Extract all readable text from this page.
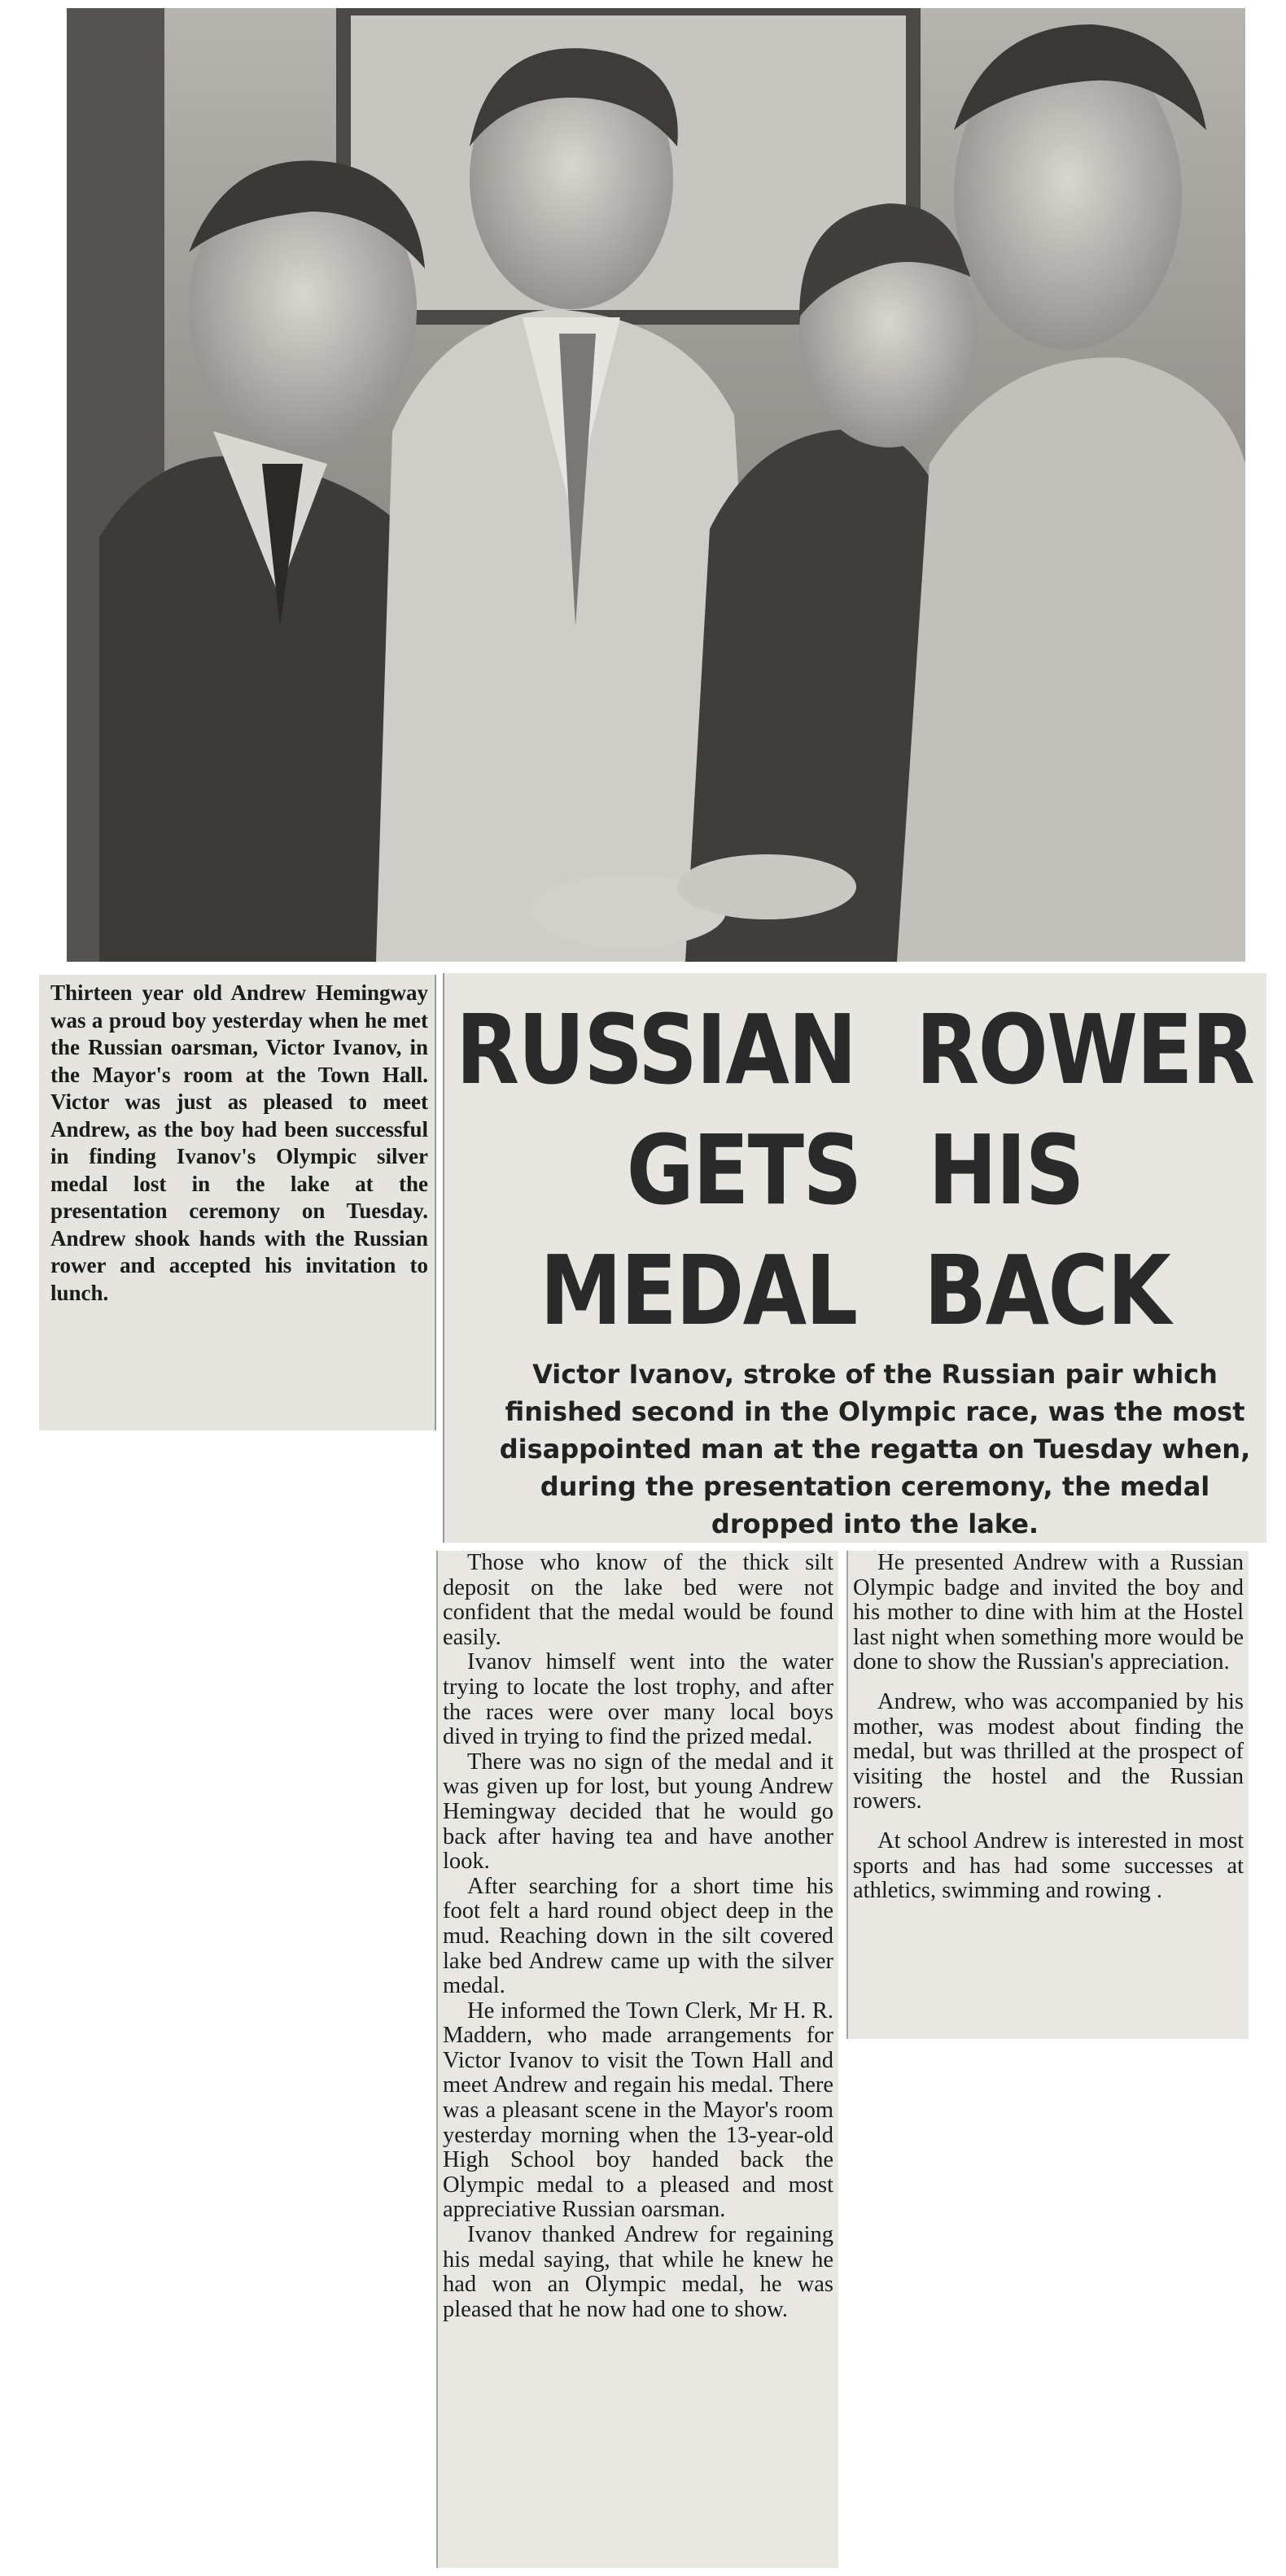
Thirteen year old Andrew Hemingway was a proud boy yesterday when he met the Russian oarsman, Victor Ivanov, in the Mayor's room at the Town Hall. Victor was just as pleased to meet Andrew, as the boy had been successful in finding Ivanov's Olympic silver medal lost in the lake at the presentation ceremony on Tuesday. Andrew shook hands with the Russian rower and accepted his invitation to lunch.
RUSSIAN ROWER
GETS HIS
MEDAL BACK
Victor Ivanov, stroke of the Russian pair which finished second in the Olympic race, was the most disappointed man at the regatta on Tuesday when, during the presentation ceremony, the medal dropped into the lake.

Those who know of the thick silt deposit on the lake bed were not confident that the medal would be found easily.

Ivanov himself went into the water trying to locate the lost trophy, and after the races were over many local boys dived in trying to find the prized medal.

There was no sign of the medal and it was given up for lost, but young Andrew Hemingway decided that he would go back after having tea and have another look.

After searching for a short time his foot felt a hard round object deep in the mud. Reaching down in the silt covered lake bed Andrew came up with the silver medal.

He informed the Town Clerk, Mr H. R. Maddern, who made arrangements for Victor Ivanov to visit the Town Hall and meet Andrew and regain his medal. There was a pleasant scene in the Mayor's room yesterday morning when the 13-year-old High School boy handed back the Olympic medal to a pleased and most appreciative Russian oarsman.

Ivanov thanked Andrew for regaining his medal saying, that while he knew he had won an Olympic medal, he was pleased that he now had one to show.

He presented Andrew with a Russian Olympic badge and invited the boy and his mother to dine with him at the Hostel last night when something more would be done to show the Russian's appreciation.

Andrew, who was accompanied by his mother, was modest about finding the medal, but was thrilled at the prospect of visiting the hostel and the Russian rowers.

At school Andrew is interested in most sports and has had some successes at athletics, swimming and rowing .
